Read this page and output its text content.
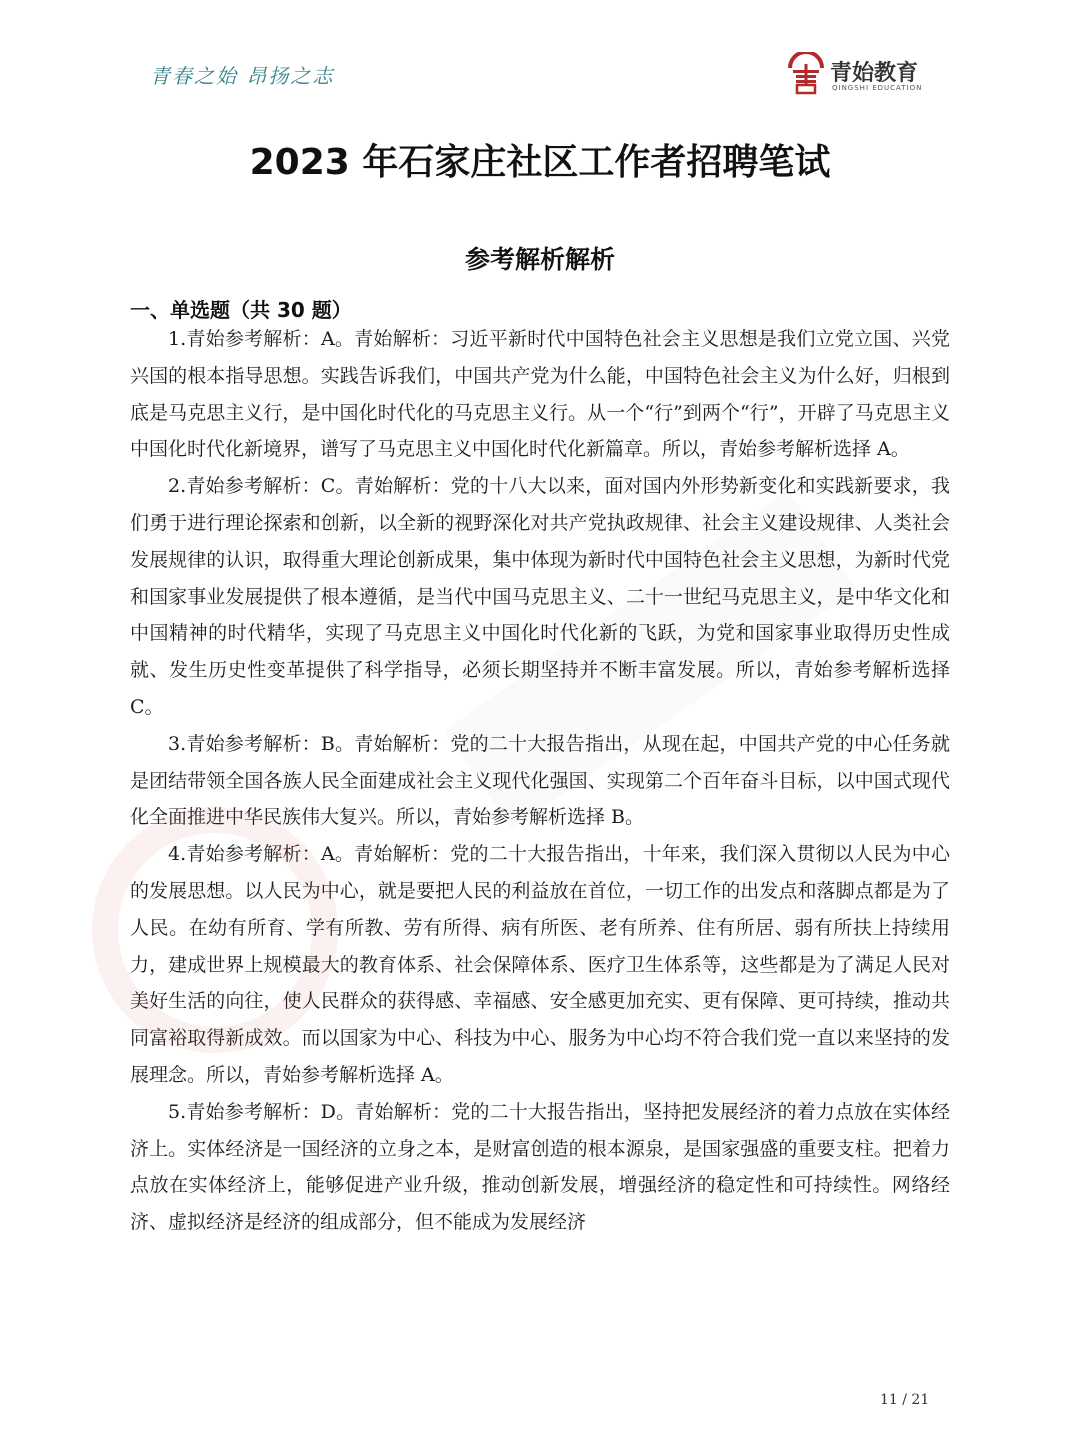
青春之始 昂扬之志	青始教育
QINGSHI EDUCATION
2023 年石家庄社区工作者招聘笔试
参考解析解析
一、单选题（共 30 题）

1.青始参考解析：A。青始解析：习近平新时代中国特色社会主义思想是我们立党立国、兴党兴国的根本指导思想。实践告诉我们，中国共产党为什么能，中国特色社会主义为什么好，归根到底是马克思主义行，是中国化时代化的马克思主义行。从一个“行”到两个“行”，开辟了马克思主义中国化时代化新境界，谱写了马克思主义中国化时代化新篇章。所以，青始参考解析选择 A。

2.青始参考解析：C。青始解析：党的十八大以来，面对国内外形势新变化和实践新要求，我们勇于进行理论探索和创新，以全新的视野深化对共产党执政规律、社会主义建设规律、人类社会发展规律的认识，取得重大理论创新成果，集中体现为新时代中国特色社会主义思想，为新时代党和国家事业发展提供了根本遵循，是当代中国马克思主义、二十一世纪马克思主义，是中华文化和中国精神的时代精华，实现了马克思主义中国化时代化新的飞跃，为党和国家事业取得历史性成就、发生历史性变革提供了科学指导，必须长期坚持并不断丰富发展。所以，青始参考解析选择 C。

3.青始参考解析：B。青始解析：党的二十大报告指出，从现在起，中国共产党的中心任务就是团结带领全国各族人民全面建成社会主义现代化强国、实现第二个百年奋斗目标，以中国式现代化全面推进中华民族伟大复兴。所以，青始参考解析选择 B。

4.青始参考解析：A。青始解析：党的二十大报告指出，十年来，我们深入贯彻以人民为中心的发展思想。以人民为中心，就是要把人民的利益放在首位，一切工作的出发点和落脚点都是为了人民。在幼有所育、学有所教、劳有所得、病有所医、老有所养、住有所居、弱有所扶上持续用力，建成世界上规模最大的教育体系、社会保障体系、医疗卫生体系等，这些都是为了满足人民对美好生活的向往，使人民群众的获得感、幸福感、安全感更加充实、更有保障、更可持续，推动共同富裕取得新成效。而以国家为中心、科技为中心、服务为中心均不符合我们党一直以来坚持的发展理念。所以，青始参考解析选择 A。

5.青始参考解析：D。青始解析：党的二十大报告指出，坚持把发展经济的着力点放在实体经济上。实体经济是一国经济的立身之本，是财富创造的根本源泉，是国家强盛的重要支柱。把着力点放在实体经济上，能够促进产业升级，推动创新发展，增强经济的稳定性和可持续性。网络经济、虚拟经济是经济的组成部分，但不能成为发展经济

11 / 21
